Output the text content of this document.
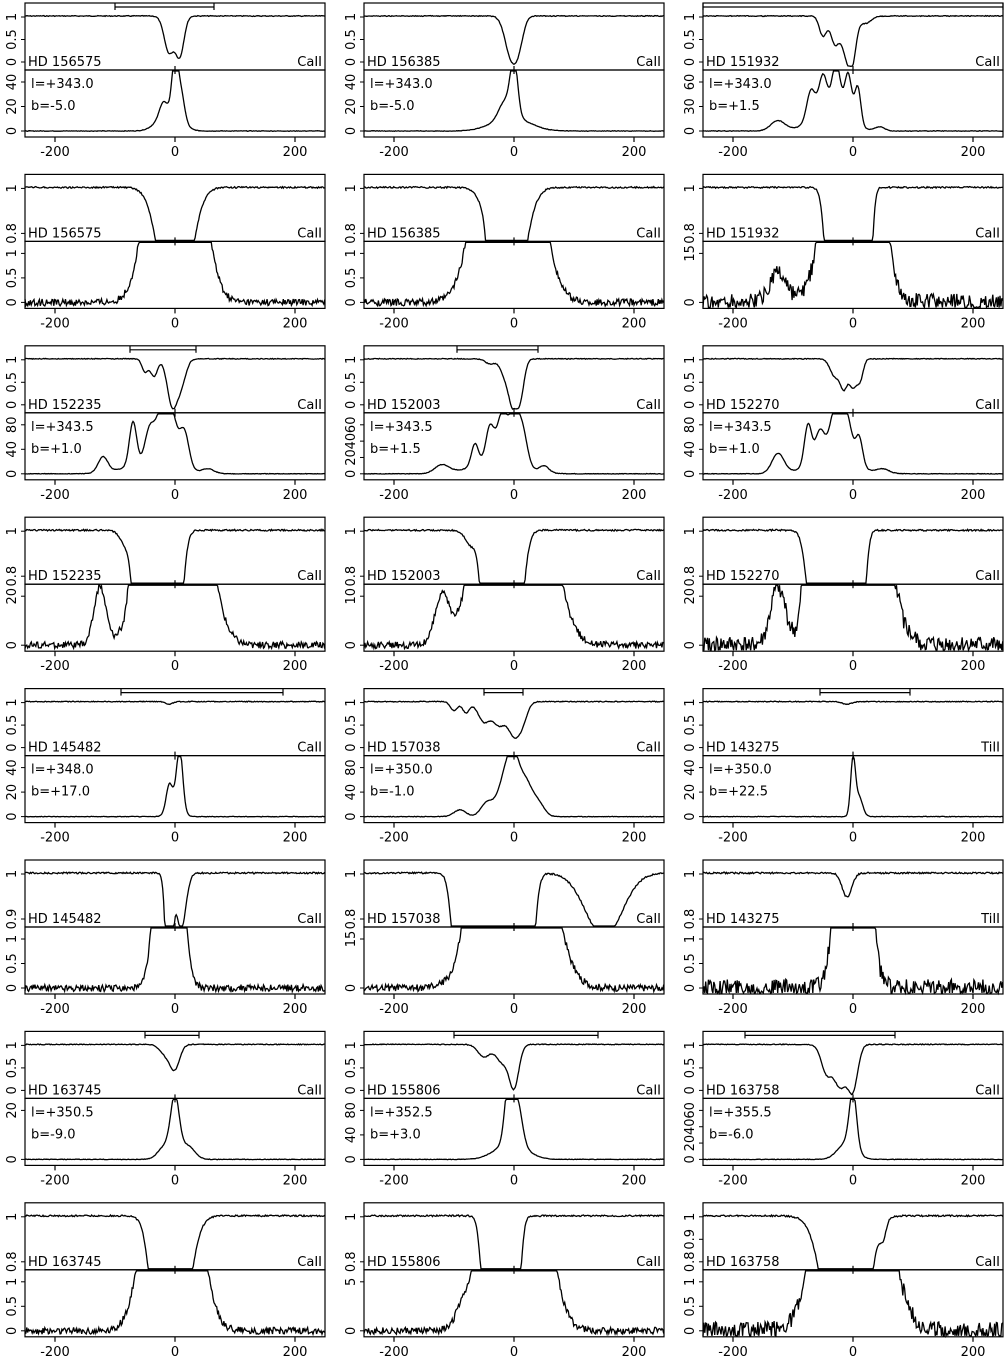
-200	0	200
0
0.5
1
0
20
40
HD 156575	CaII
l=+343.0
b=-5.0
-200	0	200
0
0.5
1
0
20
40
HD 156385	CaII
l=+343.0
b=-5.0
-200	0	200
0
0.5
1
0
30
60
HD 151932	CaII
l=+343.0
b=+1.5
-200	0	200
0.8
1
0
0.5
1
HD 156575	CaII
-200	0	200
0.8
1
0
0.5
1
HD 156385	CaII
-200	0	200
0.8
1
0
15
HD 151932	CaII
-200	0	200
0
0.5
1
0
40
80
HD 152235	CaII
l=+343.5
b=+1.0
-200	0	200
0
0.5
1
0
20
40
60
HD 152003	CaII
l=+343.5
b=+1.5
-200	0	200
0
0.5
1
0
40
80
HD 152270	CaII
l=+343.5
b=+1.0
-200	0	200
0.8
1
0
20
HD 152235	CaII
-200	0	200
0.8
1
0
10
HD 152003	CaII
-200	0	200
0.8
1
0
20
HD 152270	CaII
-200	0	200
0
0.5
1
0
20
40
HD 145482	CaII
l=+348.0
b=+17.0
-200	0	200
0
0.5
1
0
40
80
HD 157038	CaII
l=+350.0
b=-1.0
-200	0	200
0
0.5
1
0
20
40
HD 143275	TiII
l=+350.0
b=+22.5
-200	0	200
0.9
1
0
0.5
1
HD 145482	CaII
-200	0	200
0.8
1
0
15
HD 157038	CaII
-200	0	200
0.8
1
0
0.5
1
HD 143275	TiII
-200	0	200
0
0.5
1
0
20
HD 163745	CaII
l=+350.5
b=-9.0
-200	0	200
0
0.5
1
0
40
80
HD 155806	CaII
l=+352.5
b=+3.0
-200	0	200
0
0.5
1
0
20
40
60
HD 163758	CaII
l=+355.5
b=-6.0
-200	0	200
0.8
1
0
0.5
1
HD 163745	CaII
-200	0	200
0.8
1
0
5
HD 155806	CaII
-200	0	200
0.8
0.9
1
0
0.5
1
HD 163758	CaII
